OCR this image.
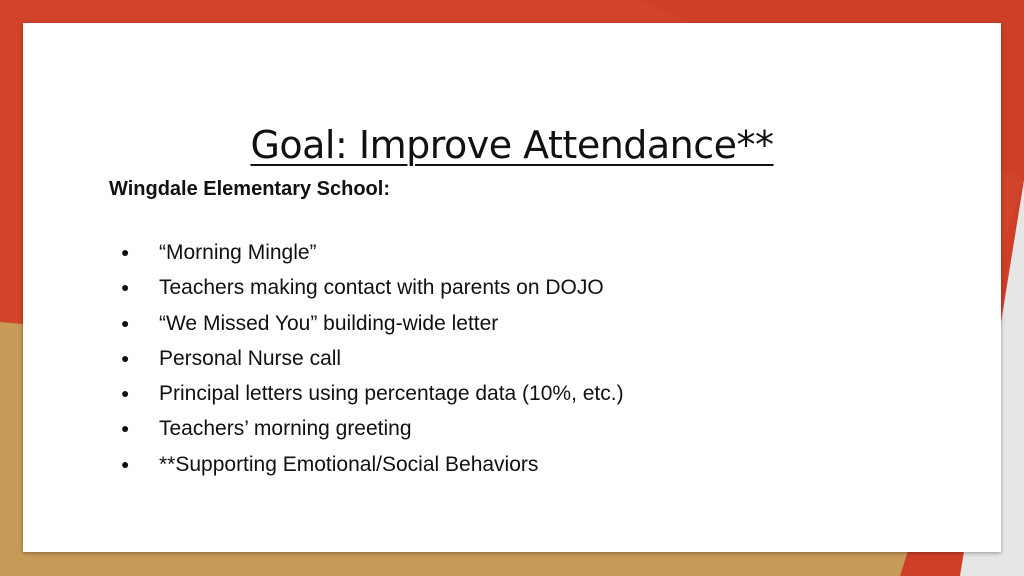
Goal: Improve Attendance**

Wingdale Elementary School:

● “Morning Mingle”
● Teachers making contact with parents on DOJO
● “We Missed You” building-wide letter
● Personal Nurse call
● Principal letters using percentage data (10%, etc.)
● Teachers’ morning greeting
● **Supporting Emotional/Social Behaviors
